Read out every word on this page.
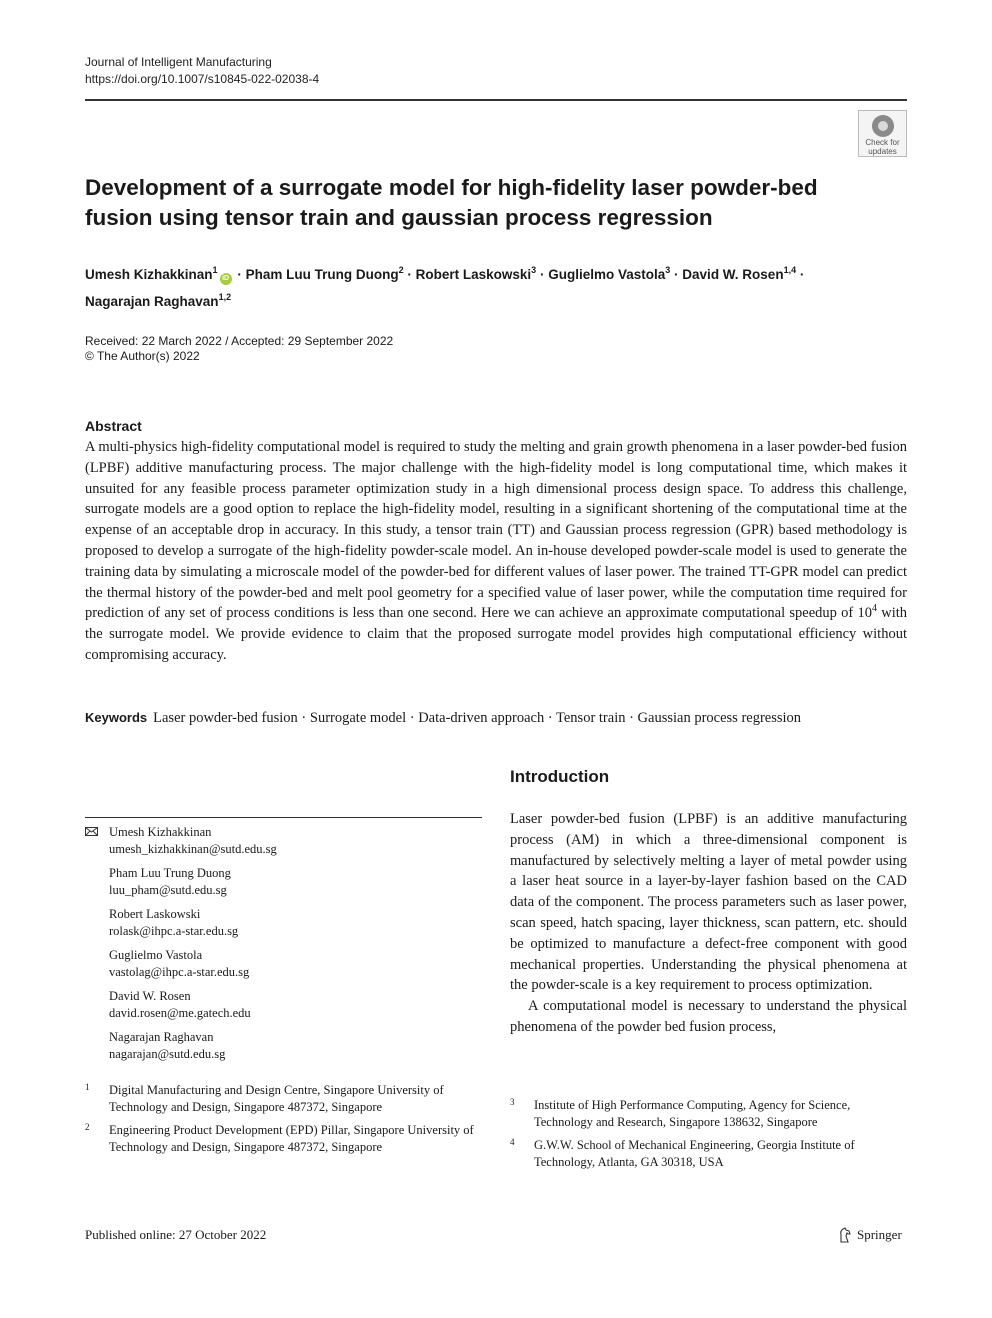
Journal of Intelligent Manufacturing
https://doi.org/10.1007/s10845-022-02038-4
Check for
updates
Development of a surrogate model for high-fidelity laser powder-bed fusion using tensor train and gaussian process regression
Umesh Kizhakkinan$^1$iD · Pham Luu Trung Duong$^2$ · Robert Laskowski$^3$ · Guglielmo Vastola$^3$ · David W. Rosen$^{1,4}$ ·
Nagarajan Raghavan$^{1,2}$
Received: 22 March 2022 / Accepted: 29 September 2022
© The Author(s) 2022
Abstract
A multi-physics high-fidelity computational model is required to study the melting and grain growth phenomena in a laser powder-bed fusion (LPBF) additive manufacturing process. The major challenge with the high-fidelity model is long computational time, which makes it unsuited for any feasible process parameter optimization study in a high dimensional process design space. To address this challenge, surrogate models are a good option to replace the high-fidelity model, resulting in a significant shortening of the computational time at the expense of an acceptable drop in accuracy. In this study, a tensor train (TT) and Gaussian process regression (GPR) based methodology is proposed to develop a surrogate of the high-fidelity powder-scale model. An in-house developed powder-scale model is used to generate the training data by simulating a microscale model of the powder-bed for different values of laser power. The trained TT-GPR model can predict the thermal history of the powder-bed and melt pool geometry for a specified value of laser power, while the computation time required for prediction of any set of process conditions is less than one second. Here we can achieve an approximate computational speedup of $10^4$ with the surrogate model. We provide evidence to claim that the proposed surrogate model provides high computational efficiency without compromising accuracy.
Keywords Laser powder-bed fusion · Surrogate model · Data-driven approach · Tensor train · Gaussian process regression
Introduction

Laser powder-bed fusion (LPBF) is an additive manufacturing process (AM) in which a three-dimensional component is manufactured by selectively melting a layer of metal powder using a laser heat source in a layer-by-layer fashion based on the CAD data of the component. The process parameters such as laser power, scan speed, hatch spacing, layer thickness, scan pattern, etc. should be optimized to manufacture a defect-free component with good mechanical properties. Understanding the physical phenomena at the powder-scale is a key requirement to process optimization.

A computational model is necessary to understand the physical phenomena of the powder bed fusion process,

Umesh Kizhakkinan
umesh_kizhakkinan@sutd.edu.sg
Pham Luu Trung Duong
luu_pham@sutd.edu.sg
Robert Laskowski
rolask@ihpc.a-star.edu.sg
Guglielmo Vastola
vastolag@ihpc.a-star.edu.sg
David W. Rosen
david.rosen@me.gatech.edu
Nagarajan Raghavan
nagarajan@sutd.edu.sg
1 Digital Manufacturing and Design Centre, Singapore University of Technology and Design, Singapore 487372, Singapore
2 Engineering Product Development (EPD) Pillar, Singapore University of Technology and Design, Singapore 487372, Singapore
3 Institute of High Performance Computing, Agency for Science, Technology and Research, Singapore 138632, Singapore
4 G.W.W. School of Mechanical Engineering, Georgia Institute of Technology, Atlanta, GA 30318, USA
Published online: 27 October 2022	Springer
